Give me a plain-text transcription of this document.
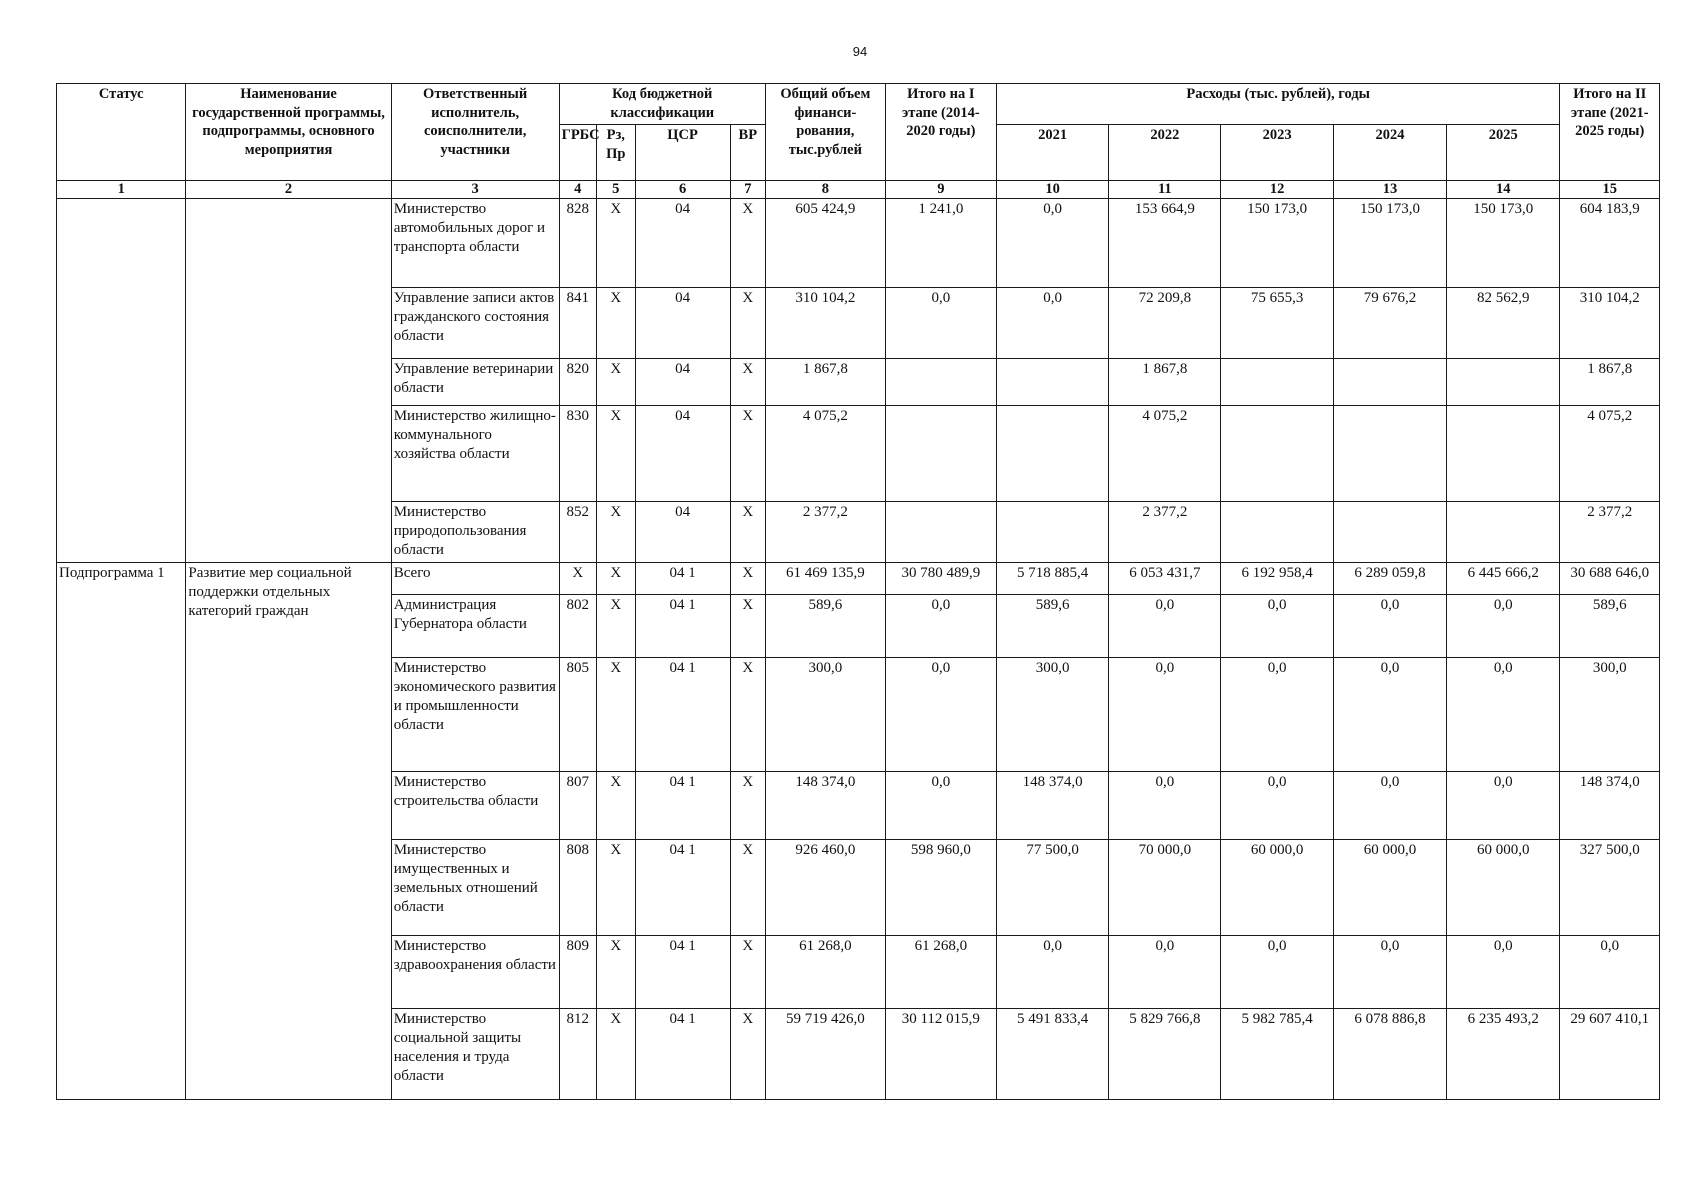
94
Статус	Наименование государственной программы, подпрограммы, основного мероприятия	Ответственный исполнитель, соисполнители, участники	Код бюджетной классификации				Общий объем финанси-рования, тыс.рублей	Итого на I этапе (2014-2020 годы)	Расходы (тыс. рублей), годы					Итого на II этапе (2021-2025 годы)
			ГРБС	Рз, Пр	ЦСР	ВР			2021	2022	2023	2024	2025	
1	2	3	4	5	6	7	8	9	10	11	12	13	14	15
		Министерство автомобильных дорог и транспорта области	828	Х	04	Х	605 424,9	1 241,0	0,0	153 664,9	150 173,0	150 173,0	150 173,0	604 183,9
		Управление записи актов гражданского состояния области	841	Х	04	Х	310 104,2	0,0	0,0	72 209,8	75 655,3	79 676,2	82 562,9	310 104,2
		Управление ветеринарии области	820	Х	04	Х	1 867,8			1 867,8				1 867,8
		Министерство жилищно-коммунального хозяйства области	830	Х	04	Х	4 075,2			4 075,2				4 075,2
		Министерство природопользования области	852	Х	04	Х	2 377,2			2 377,2				2 377,2
Подпрограмма 1	Развитие мер социальной поддержки отдельных категорий граждан	Всего	Х	Х	04 1	Х	61 469 135,9	30 780 489,9	5 718 885,4	6 053 431,7	6 192 958,4	6 289 059,8	6 445 666,2	30 688 646,0
		Администрация Губернатора области	802	Х	04 1	Х	589,6	0,0	589,6	0,0	0,0	0,0	0,0	589,6
		Министерство экономического развития и промышленности области	805	Х	04 1	Х	300,0	0,0	300,0	0,0	0,0	0,0	0,0	300,0
		Министерство строительства области	807	Х	04 1	Х	148 374,0	0,0	148 374,0	0,0	0,0	0,0	0,0	148 374,0
		Министерство имущественных и земельных отношений области	808	Х	04 1	Х	926 460,0	598 960,0	77 500,0	70 000,0	60 000,0	60 000,0	60 000,0	327 500,0
		Министерство здравоохранения области	809	Х	04 1	Х	61 268,0	61 268,0	0,0	0,0	0,0	0,0	0,0	0,0
		Министерство социальной защиты населения и труда области	812	Х	04 1	Х	59 719 426,0	30 112 015,9	5 491 833,4	5 829 766,8	5 982 785,4	6 078 886,8	6 235 493,2	29 607 410,1
